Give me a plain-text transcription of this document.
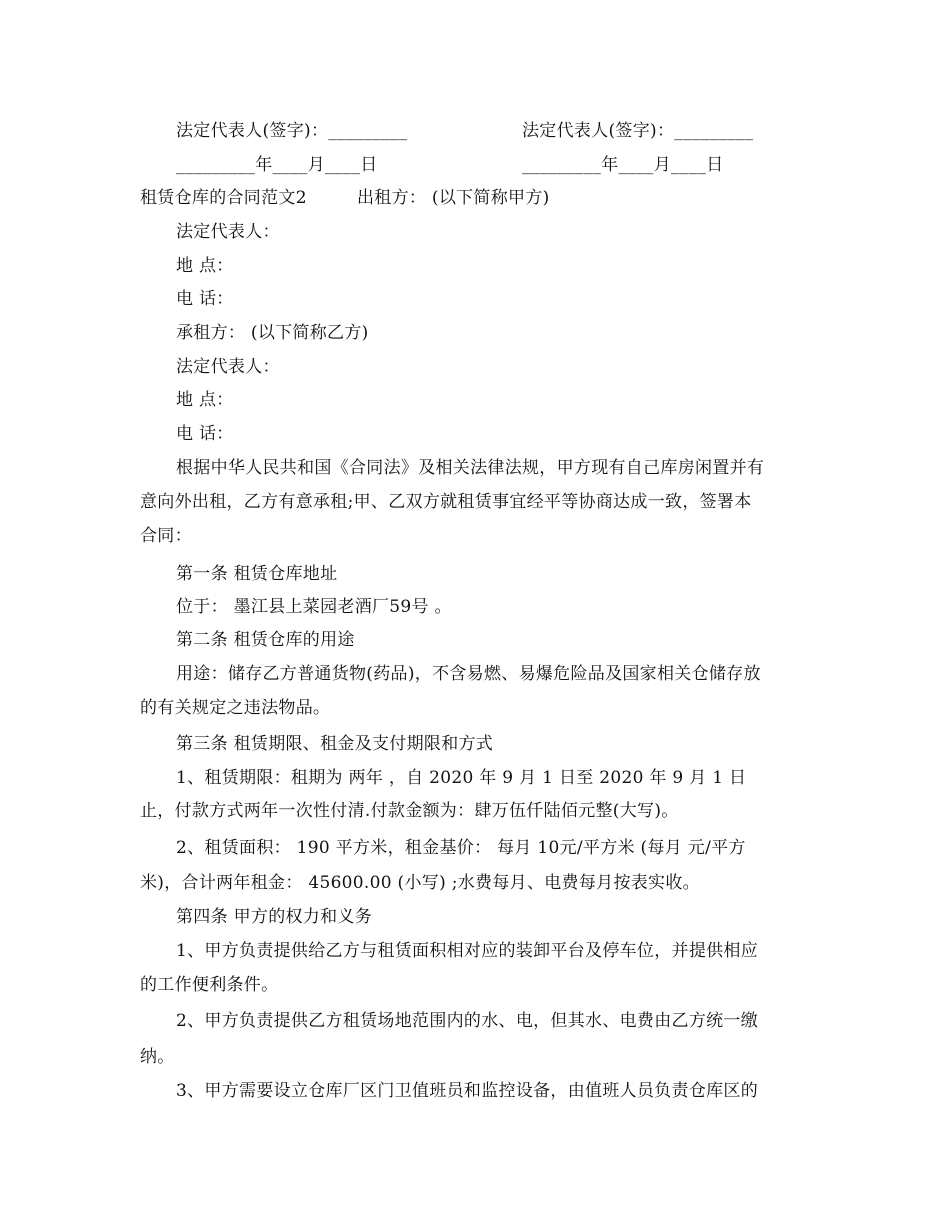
法定代表人(签字)：_________	法定代表人(签字)：_________
_________年____月____日	_________年____月____日
租赁仓库的合同范文2	出租方： (以下简称甲方)
法定代表人：
地 点：
电 话：
承租方： (以下简称乙方)
法定代表人：
地 点：
电 话：
根据中华人民共和国《合同法》及相关法律法规，甲方现有自己库房闲置并有
意向外出租，乙方有意承租;甲、乙双方就租赁事宜经平等协商达成一致，签署本
合同：
第一条 租赁仓库地址
位于： 墨江县上菜园老酒厂59号 。
第二条 租赁仓库的用途
用途：储存乙方普通货物(药品)，不含易燃、易爆危险品及国家相关仓储存放
的有关规定之违法物品。
第三条 租赁期限、租金及支付期限和方式
1、租赁期限：租期为 两年 ，自 2020 年 9 月 1 日至 2020 年 9 月 1 日
止，付款方式两年一次性付清.付款金额为：肆万伍仟陆佰元整(大写)。
2、租赁面积： 190 平方米，租金基价： 每月 10元/平方米 (每月 元/平方
米)，合计两年租金： 45600.00 (小写) ;水费每月、电费每月按表实收。
第四条 甲方的权力和义务
1、甲方负责提供给乙方与租赁面积相对应的装卸平台及停车位，并提供相应
的工作便利条件。
2、甲方负责提供乙方租赁场地范围内的水、电，但其水、电费由乙方统一缴
纳。
3、甲方需要设立仓库厂区门卫值班员和监控设备，由值班人员负责仓库区的
